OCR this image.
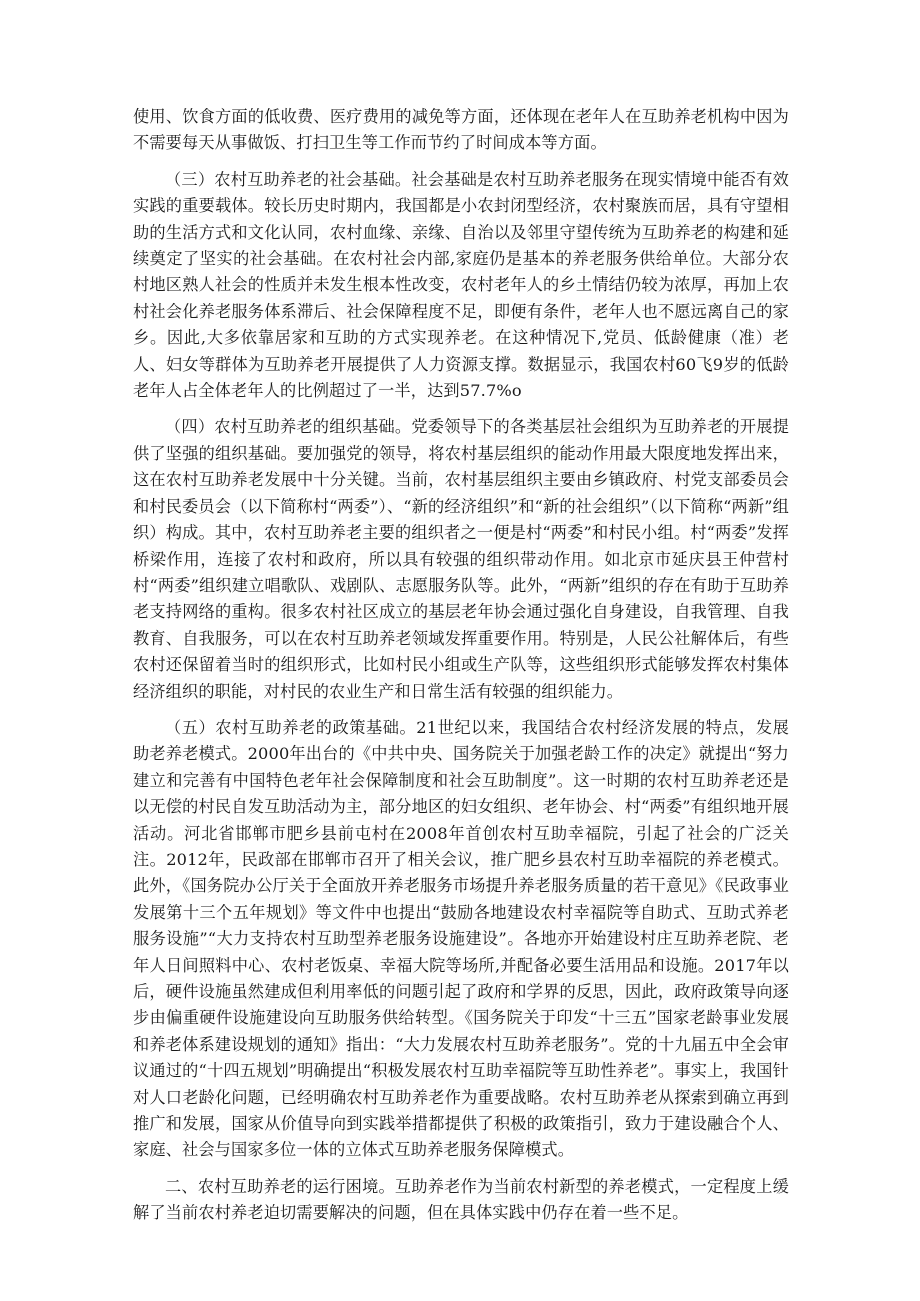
使用、饮食方面的低收费、医疗费用的减免等方面，还体现在老年人在互助养老机构中因为不需要每天从事做饭、打扫卫生等工作而节约了时间成本等方面。

（三）农村互助养老的社会基础。社会基础是农村互助养老服务在现实情境中能否有效实践的重要载体。较长历史时期内，我国都是小农封闭型经济，农村聚族而居，具有守望相助的生活方式和文化认同，农村血缘、亲缘、自治以及邻里守望传统为互助养老的构建和延续奠定了坚实的社会基础。在农村社会内部,家庭仍是基本的养老服务供给单位。大部分农村地区熟人社会的性质并未发生根本性改变，农村老年人的乡土情结仍较为浓厚，再加上农村社会化养老服务体系滞后、社会保障程度不足，即便有条件，老年人也不愿远离自己的家乡。因此,大多依靠居家和互助的方式实现养老。在这种情况下,党员、低龄健康（准）老人、妇女等群体为互助养老开展提供了人力资源支撑。数据显示，我国农村60飞9岁的低龄老年人占全体老年人的比例超过了一半，达到57.7%o

（四）农村互助养老的组织基础。党委领导下的各类基层社会组织为互助养老的开展提供了坚强的组织基础。要加强党的领导，将农村基层组织的能动作用最大限度地发挥出来，这在农村互助养老发展中十分关键。当前，农村基层组织主要由乡镇政府、村党支部委员会和村民委员会（以下简称村“两委”）、“新的经济组织”和“新的社会组织”（以下简称“两新”组织）构成。其中，农村互助养老主要的组织者之一便是村“两委”和村民小组。村“两委”发挥桥梁作用，连接了农村和政府，所以具有较强的组织带动作用。如北京市延庆县王仲营村村“两委”组织建立唱歌队、戏剧队、志愿服务队等。此外，“两新”组织的存在有助于互助养老支持网络的重构。很多农村社区成立的基层老年协会通过强化自身建设，自我管理、自我教育、自我服务，可以在农村互助养老领域发挥重要作用。特别是，人民公社解体后，有些农村还保留着当时的组织形式，比如村民小组或生产队等，这些组织形式能够发挥农村集体经济组织的职能，对村民的农业生产和日常生活有较强的组织能力。

（五）农村互助养老的政策基础。21世纪以来，我国结合农村经济发展的特点，发展助老养老模式。2000年出台的《中共中央、国务院关于加强老龄工作的决定》就提出“努力建立和完善有中国特色老年社会保障制度和社会互助制度”。这一时期的农村互助养老还是以无偿的村民自发互助活动为主，部分地区的妇女组织、老年协会、村“两委”有组织地开展活动。河北省邯郸市肥乡县前屯村在2008年首创农村互助幸福院，引起了社会的广泛关注。2012年，民政部在邯郸市召开了相关会议，推广肥乡县农村互助幸福院的养老模式。此外，《国务院办公厅关于全面放开养老服务市场提升养老服务质量的若干意见》《民政事业发展第十三个五年规划》等文件中也提出“鼓励各地建设农村幸福院等自助式、互助式养老服务设施”“大力支持农村互助型养老服务设施建设”。各地亦开始建设村庄互助养老院、老年人日间照料中心、农村老饭桌、幸福大院等场所,并配备必要生活用品和设施。2017年以后，硬件设施虽然建成但利用率低的问题引起了政府和学界的反思，因此，政府政策导向逐步由偏重硬件设施建设向互助服务供给转型。《国务院关于印发“十三五”国家老龄事业发展和养老体系建设规划的通知》指出：“大力发展农村互助养老服务”。党的十九届五中全会审议通过的“十四五规划”明确提出“积极发展农村互助幸福院等互助性养老”。事实上，我国针对人口老龄化问题，已经明确农村互助养老作为重要战略。农村互助养老从探索到确立再到推广和发展，国家从价值导向到实践举措都提供了积极的政策指引，致力于建设融合个人、家庭、社会与国家多位一体的立体式互助养老服务保障模式。

二、农村互助养老的运行困境。互助养老作为当前农村新型的养老模式，一定程度上缓解了当前农村养老迫切需要解决的问题，但在具体实践中仍存在着一些不足。
